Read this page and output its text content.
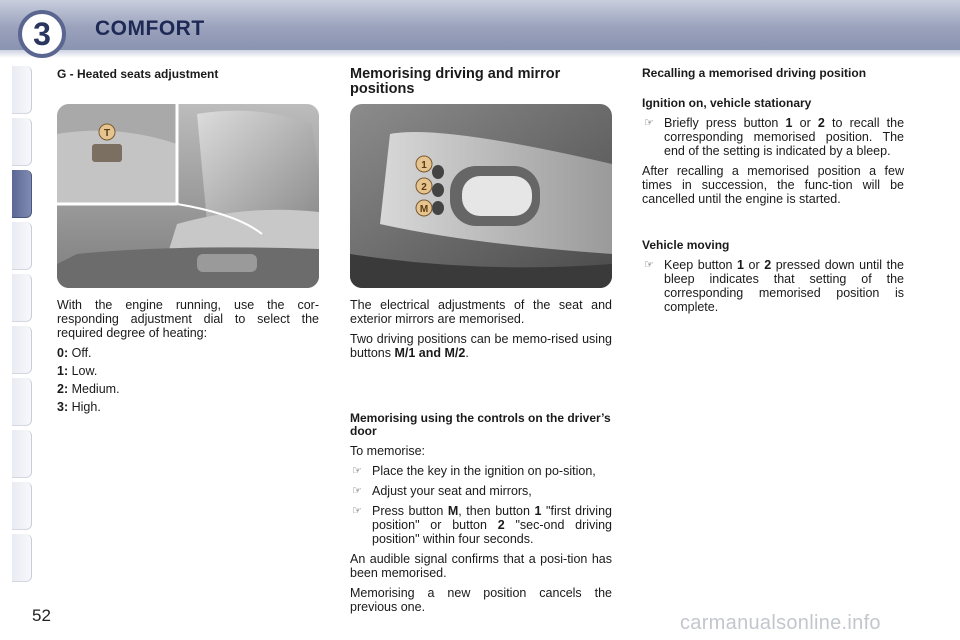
3	COMFORT
G - Heated seats adjustment
T

With the engine running, use the cor-responding adjustment dial to select the required degree of heating:

0: Off.
1: Low.
2: Medium.
3: High.
Memorising driving and mirror positions
1
2
M

The electrical adjustments of the seat and exterior mirrors are memorised.

Two driving positions can be memo-rised using buttons M/1 and M/2.

Memorising using the controls on the driver’s door

To memorise:

☞ Place the key in the ignition on po-sition,
☞ Adjust your seat and mirrors,
☞ Press button M, then button 1 "first driving position" or button 2 "sec-ond driving position" within four seconds.

An audible signal confirms that a posi-tion has been memorised.

Memorising a new position cancels the previous one.

Recalling a memorised driving position
Ignition on, vehicle stationary
☞ Briefly press button 1 or 2 to recall the corresponding memorised position. The end of the setting is indicated by a bleep.

After recalling a memorised position a few times in succession, the func-tion will be cancelled until the engine is started.

Vehicle moving
☞ Keep button 1 or 2 pressed down until the bleep indicates that setting of the corresponding memorised position is complete.
52	carmanualsonline.info
